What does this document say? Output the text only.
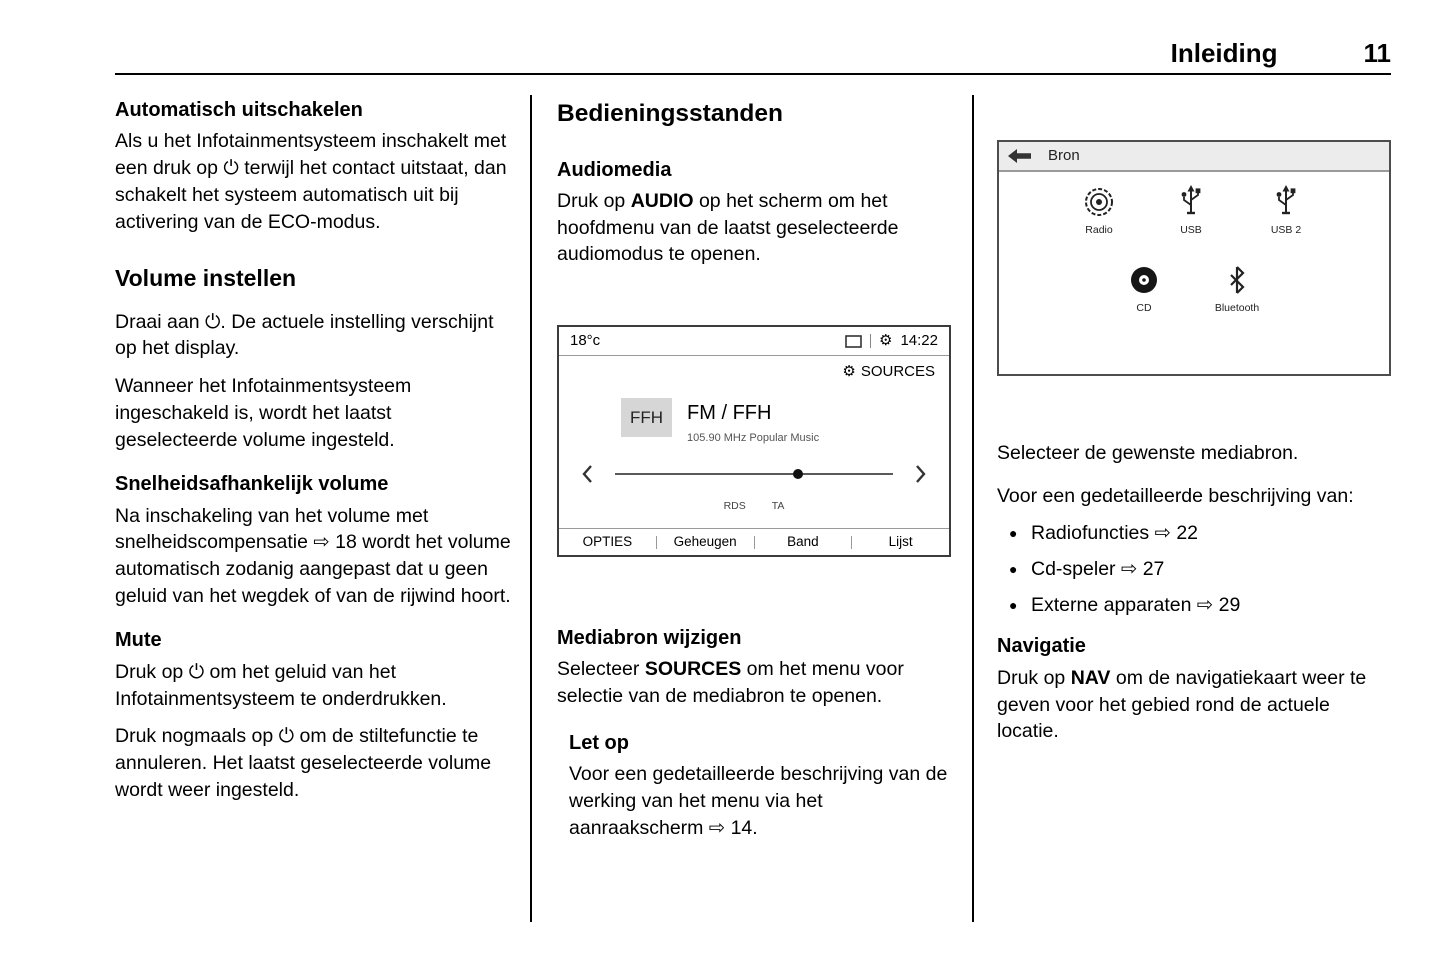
Inleiding	11
Automatisch uitschakelen

Als u het Infotainmentsysteem inschakelt met een druk op ⏻ terwijl het contact uitstaat, dan schakelt het systeem automatisch uit bij activering van de ECO-modus.

Volume instellen

Draai aan ⏻. De actuele instelling verschijnt op het display.

Wanneer het Infotainmentsysteem ingeschakeld is, wordt het laatst geselecteerde volume ingesteld.

Snelheidsafhankelijk volume

Na inschakeling van het volume met snelheidscompensatie ⇨ 18 wordt het volume automatisch zodanig aangepast dat u geen geluid van het wegdek of van de rijwind hoort.

Mute

Druk op ⏻ om het geluid van het Infotainmentsysteem te onderdrukken.

Druk nogmaals op ⏻ om de stiltefunctie te annuleren. Het laatst geselecteerde volume wordt weer ingesteld.

Bedieningsstanden
Audiomedia

Druk op AUDIO op het scherm om het hoofdmenu van de laatst geselecteerde audiomodus te openen.

18°c	⚙ 14:22
⚙ SOURCES
FFH	FM / FFH
105.90 MHz Popular Music
RDS TA
OPTIES	Geheugen	Band	Lijst
Mediabron wijzigen

Selecteer SOURCES om het menu voor selectie van de mediabron te openen.

Let op

Voor een gedetailleerde beschrijving van de werking van het menu via het aanraakscherm ⇨ 14.

Bron
Radio	USB	USB 2
CD	Bluetooth

Selecteer de gewenste mediabron.

Voor een gedetailleerde beschrijving van:

● Radiofuncties ⇨ 22
● Cd-speler ⇨ 27
● Externe apparaten ⇨ 29
Navigatie

Druk op NAV om de navigatiekaart weer te geven voor het gebied rond de actuele locatie.
